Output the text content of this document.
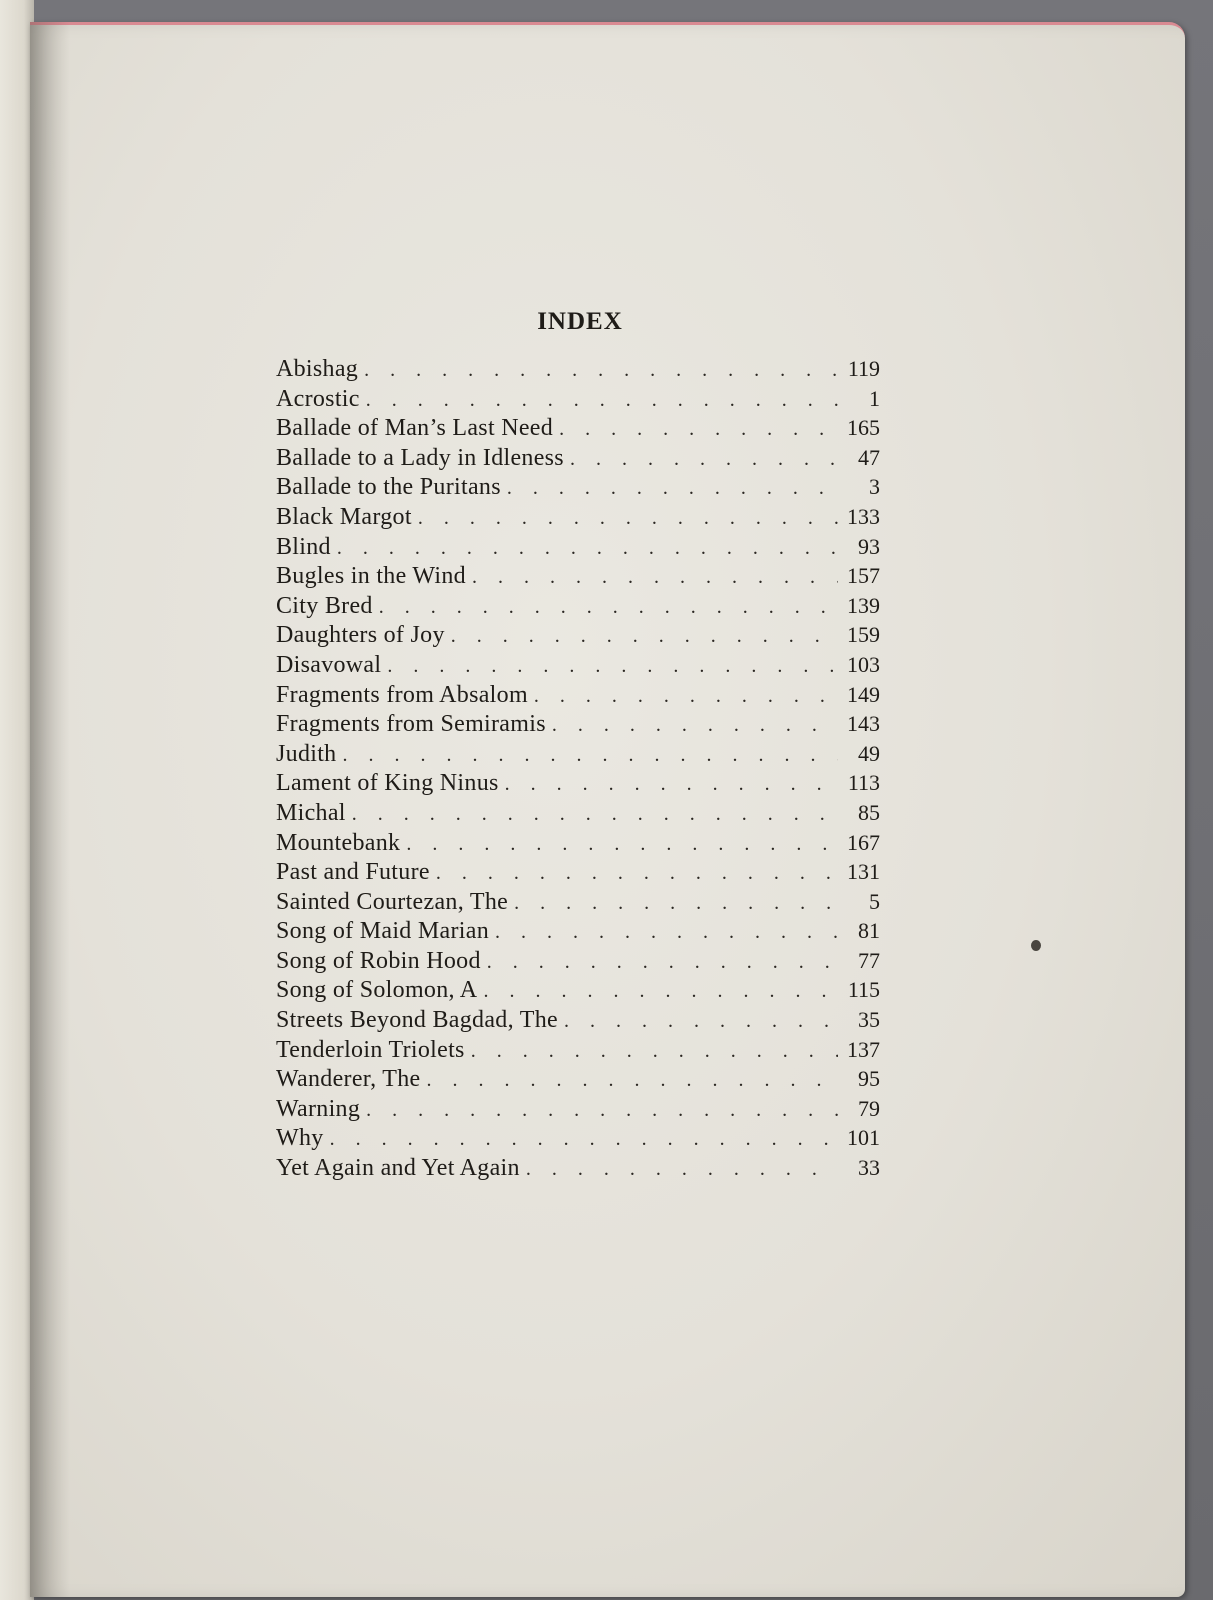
INDEX
Abishag . . .	119
Acrostic . . .	1
Ballade of Man’s Last Need . . .	165
Ballade to a Lady in Idleness . . .	47
Ballade to the Puritans . . .	3
Black Margot . . .	133
Blind . . .	93
Bugles in the Wind . . .	157
City Bred . . .	139
Daughters of Joy . . .	159
Disavowal . . .	103
Fragments from Absalom . . .	149
Fragments from Semiramis . . .	143
Judith . . .	49
Lament of King Ninus . . .	113
Michal . . .	85
Mountebank . . .	167
Past and Future . . .	131
Sainted Courtezan, The . . .	5
Song of Maid Marian . . .	81
Song of Robin Hood . . .	77
Song of Solomon, A . . .	115
Streets Beyond Bagdad, The . . .	35
Tenderloin Triolets . . .	137
Wanderer, The . . .	95
Warning . . .	79
Why . . .	101
Yet Again and Yet Again . . .	33
